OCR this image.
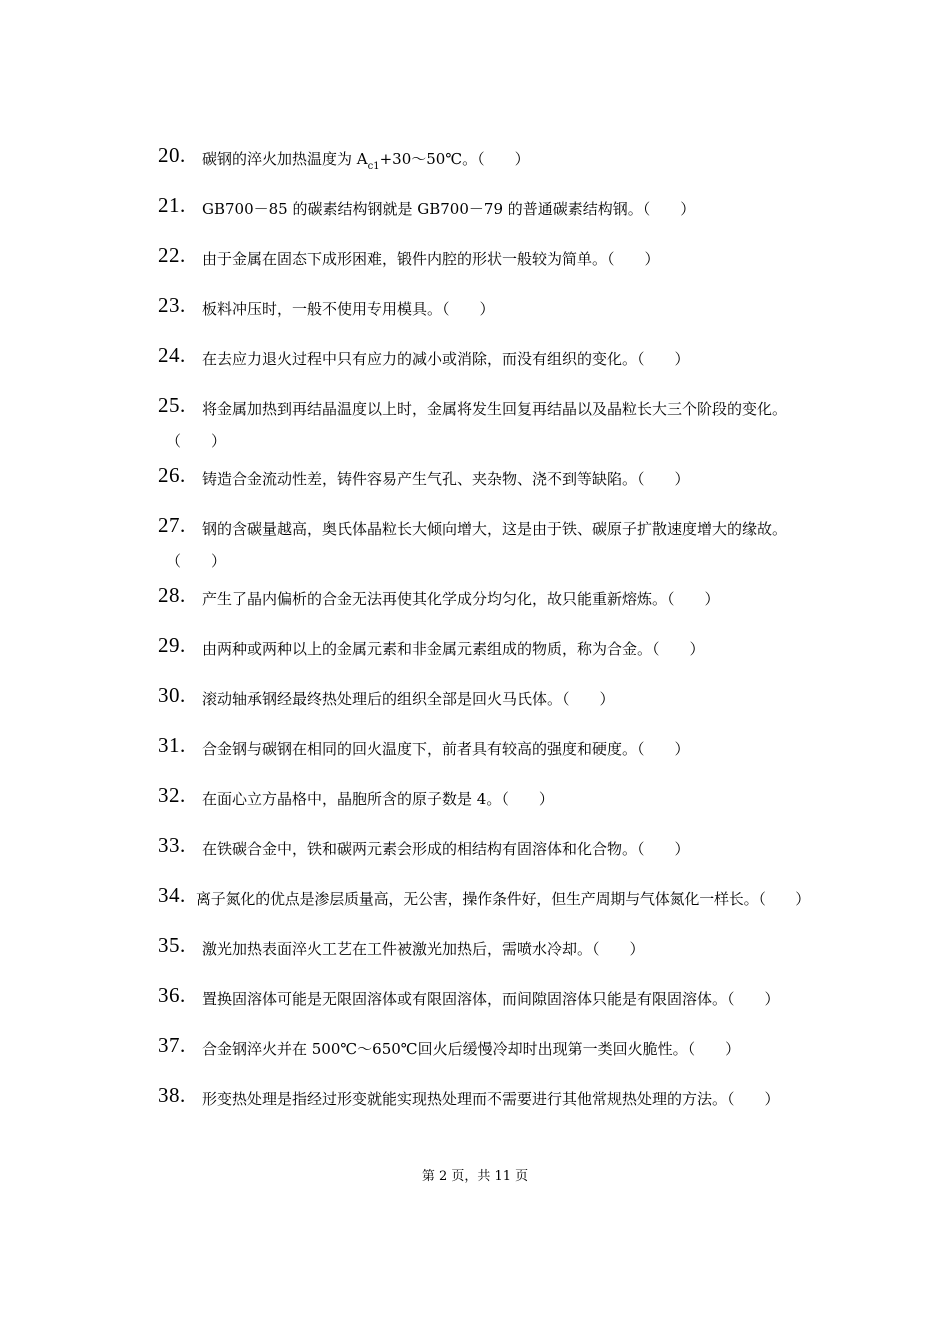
20.	碳钢的淬火加热温度为 $A_{c1}+30\sim 50℃$。（　　）
21.	GB700－85 的碳素结构钢就是 GB700－79 的普通碳素结构钢。（　　）
22.	由于金属在固态下成形困难，锻件内腔的形状一般较为简单。（　　）
23.	板料冲压时，一般不使用专用模具。（　　）
24.	在去应力退火过程中只有应力的减小或消除，而没有组织的变化。（　　）
25.	将金属加热到再结晶温度以上时，金属将发生回复再结晶以及晶粒长大三个阶段的变化。
（　　）
26.	铸造合金流动性差，铸件容易产生气孔、夹杂物、浇不到等缺陷。（　　）
27.	钢的含碳量越高，奥氏体晶粒长大倾向增大，这是由于铁、碳原子扩散速度增大的缘故。
（　　）
28.	产生了晶内偏析的合金无法再使其化学成分均匀化，故只能重新熔炼。（　　）
29.	由两种或两种以上的金属元素和非金属元素组成的物质，称为合金。（　　）
30.	滚动轴承钢经最终热处理后的组织全部是回火马氏体。（　　）
31.	合金钢与碳钢在相同的回火温度下，前者具有较高的强度和硬度。（　　）
32.	在面心立方晶格中，晶胞所含的原子数是 4。（　　）
33.	在铁碳合金中，铁和碳两元素会形成的相结构有固溶体和化合物。（　　）
34. 离子氮化的优点是渗层质量高，无公害，操作条件好，但生产周期与气体氮化一样长。（　　）
35.	激光加热表面淬火工艺在工件被激光加热后，需喷水冷却。（　　）
36.	置换固溶体可能是无限固溶体或有限固溶体，而间隙固溶体只能是有限固溶体。（　　）
37.	合金钢淬火并在 500℃～650℃回火后缓慢冷却时出现第一类回火脆性。（　　）
38.	形变热处理是指经过形变就能实现热处理而不需要进行其他常规热处理的方法。（　　）
第 2 页，共 11 页
